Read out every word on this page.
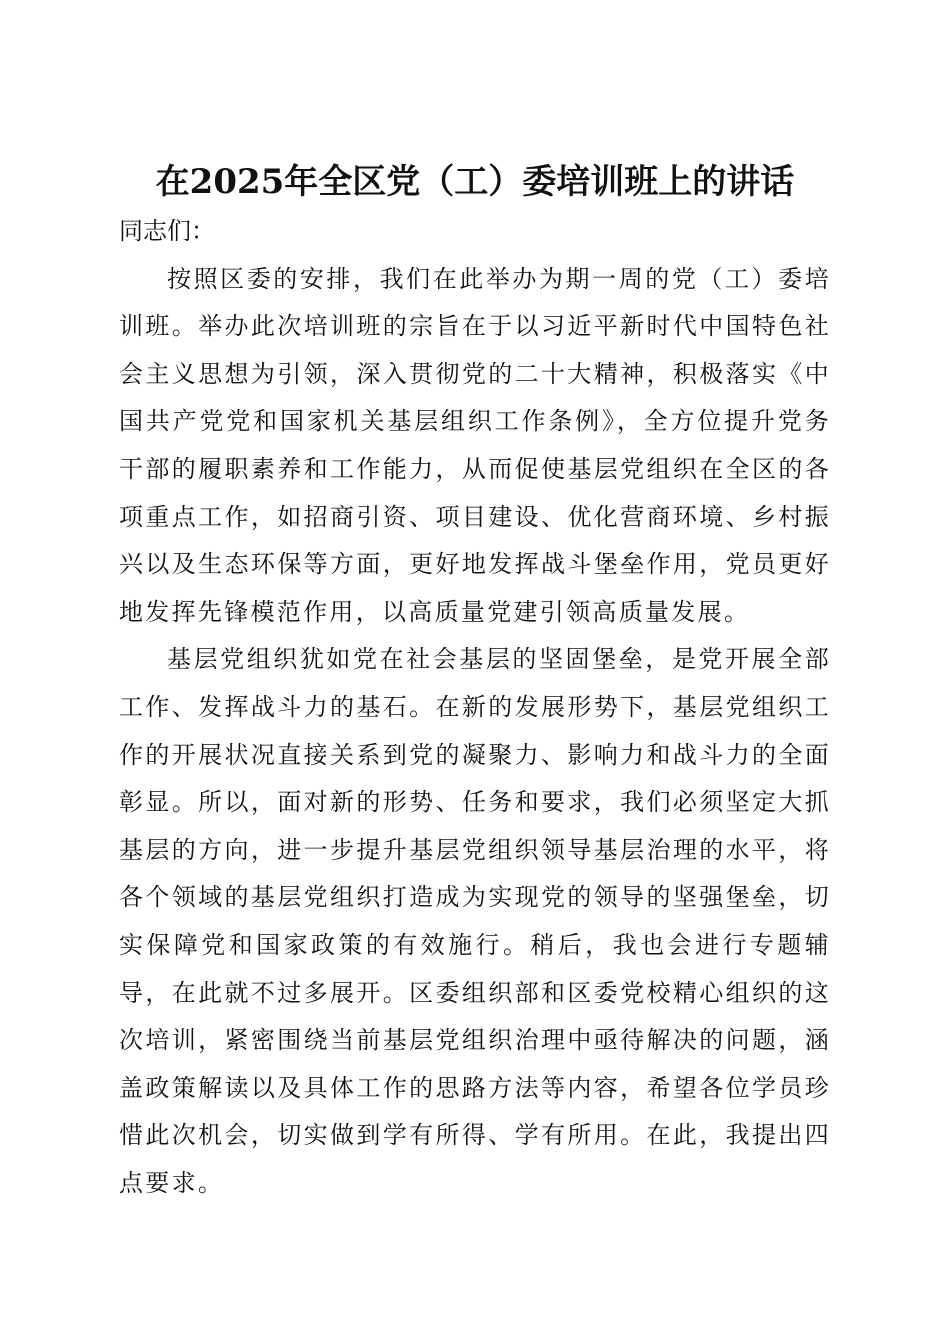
在2025年全区党（工）委培训班上的讲话

同志们：

按照区委的安排，我们在此举办为期一周的党（工）委培训班。举办此次培训班的宗旨在于以习近平新时代中国特色社会主义思想为引领，深入贯彻党的二十大精神，积极落实《中国共产党党和国家机关基层组织工作条例》，全方位提升党务干部的履职素养和工作能力，从而促使基层党组织在全区的各项重点工作，如招商引资、项目建设、优化营商环境、乡村振兴以及生态环保等方面，更好地发挥战斗堡垒作用，党员更好地发挥先锋模范作用，以高质量党建引领高质量发展。

基层党组织犹如党在社会基层的坚固堡垒，是党开展全部工作、发挥战斗力的基石。在新的发展形势下，基层党组织工作的开展状况直接关系到党的凝聚力、影响力和战斗力的全面彰显。所以，面对新的形势、任务和要求，我们必须坚定大抓基层的方向，进一步提升基层党组织领导基层治理的水平，将各个领域的基层党组织打造成为实现党的领导的坚强堡垒，切实保障党和国家政策的有效施行。稍后，我也会进行专题辅导，在此就不过多展开。区委组织部和区委党校精心组织的这次培训，紧密围绕当前基层党组织治理中亟待解决的问题，涵盖政策解读以及具体工作的思路方法等内容，希望各位学员珍惜此次机会，切实做到学有所得、学有所用。在此，我提出四点要求。
